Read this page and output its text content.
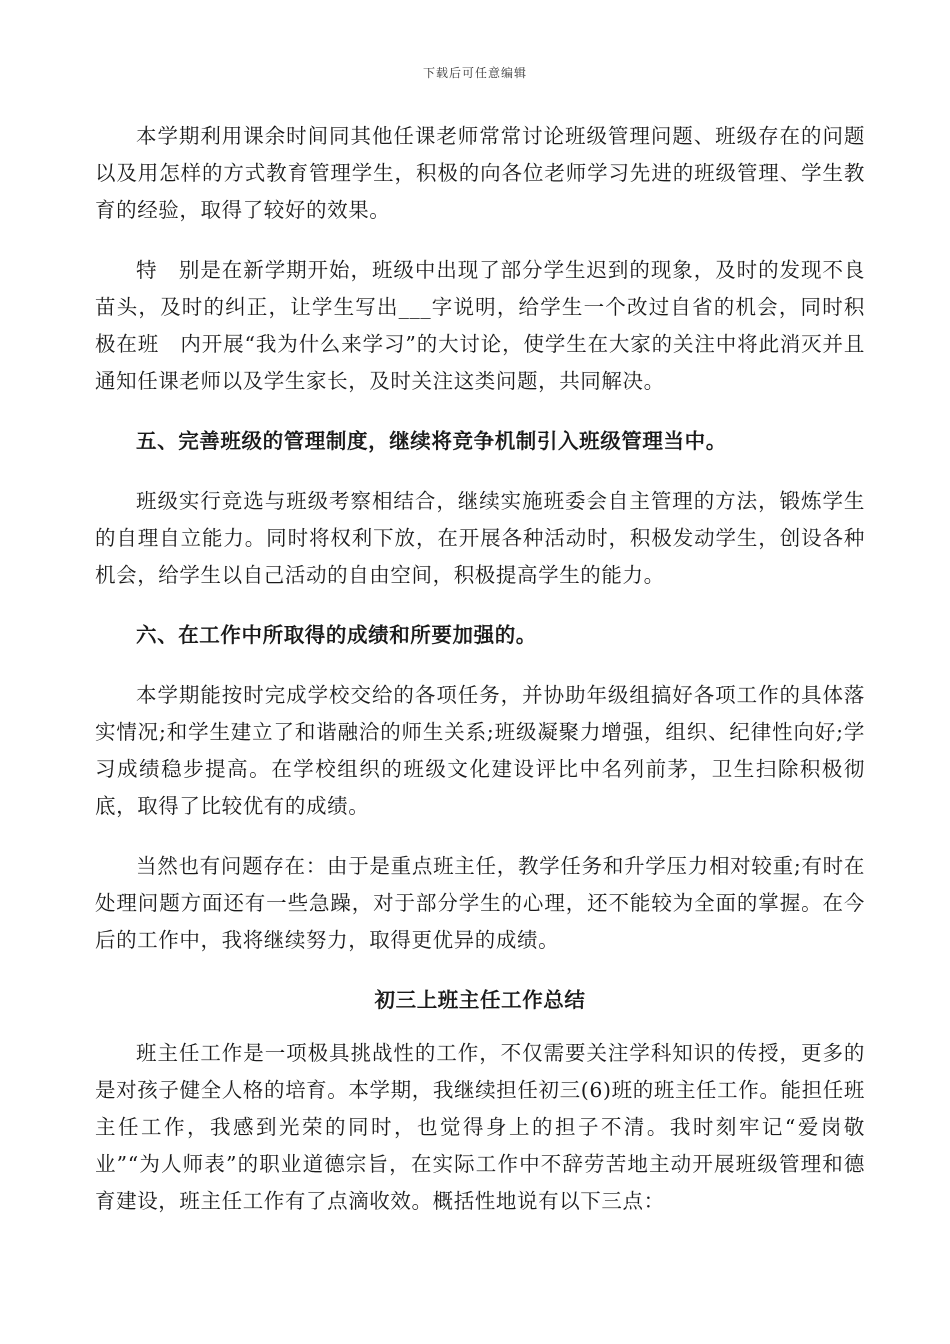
下载后可任意编辑

本学期利用课余时间同其他任课老师常常讨论班级管理问题、班级存在的问题以及用怎样的方式教育管理学生，积极的向各位老师学习先进的班级管理、学生教育的经验，取得了较好的效果。

特　别是在新学期开始，班级中出现了部分学生迟到的现象，及时的发现不良苗头，及时的纠正，让学生写出___字说明，给学生一个改过自省的机会，同时积极在班　内开展“我为什么来学习”的大讨论，使学生在大家的关注中将此消灭并且通知任课老师以及学生家长，及时关注这类问题，共同解决。

五、完善班级的管理制度，继续将竞争机制引入班级管理当中。

班级实行竞选与班级考察相结合，继续实施班委会自主管理的方法，锻炼学生的自理自立能力。同时将权利下放，在开展各种活动时，积极发动学生，创设各种机会，给学生以自己活动的自由空间，积极提高学生的能力。

六、在工作中所取得的成绩和所要加强的。

本学期能按时完成学校交给的各项任务，并协助年级组搞好各项工作的具体落实情况;和学生建立了和谐融洽的师生关系;班级凝聚力增强，组织、纪律性向好;学习成绩稳步提高。在学校组织的班级文化建设评比中名列前茅，卫生扫除积极彻底，取得了比较优有的成绩。

当然也有问题存在：由于是重点班主任，教学任务和升学压力相对较重;有时在处理问题方面还有一些急躁，对于部分学生的心理，还不能较为全面的掌握。在今后的工作中，我将继续努力，取得更优异的成绩。

初三上班主任工作总结

班主任工作是一项极具挑战性的工作，不仅需要关注学科知识的传授，更多的是对孩子健全人格的培育。本学期，我继续担任初三(6)班的班主任工作。能担任班主任工作，我感到光荣的同时，也觉得身上的担子不清。我时刻牢记“爱岗敬业”“为人师表”的职业道德宗旨，在实际工作中不辞劳苦地主动开展班级管理和德育建设，班主任工作有了点滴收效。概括性地说有以下三点：
